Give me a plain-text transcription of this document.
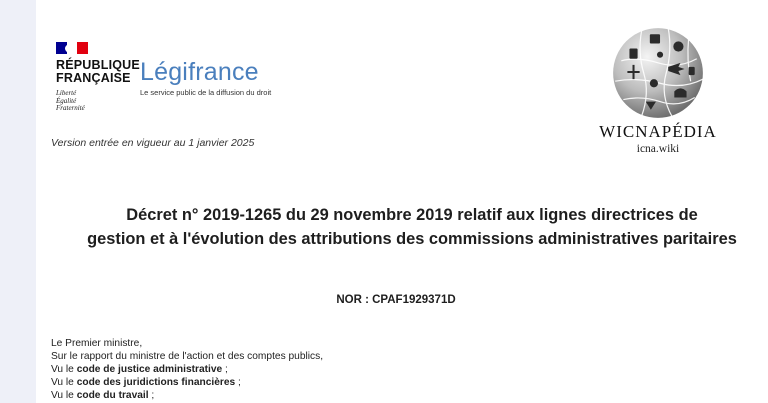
RÉPUBLIQUE
FRANÇAISE
Liberté
Égalité
Fraternité
Légifrance
Le service public de la diffusion du droit
Version entrée en vigueur au 1 janvier 2025
WICNAPÉDIA
icna.wiki
Décret n° 2019-1265 du 29 novembre 2019 relatif aux lignes directrices de
gestion et à l'évolution des attributions des commissions administratives paritaires
NOR : CPAF1929371D
Le Premier ministre,
Sur le rapport du ministre de l'action et des comptes publics,
Vu le code de justice administrative ;
Vu le code des juridictions financières ;
Vu le code du travail ;
